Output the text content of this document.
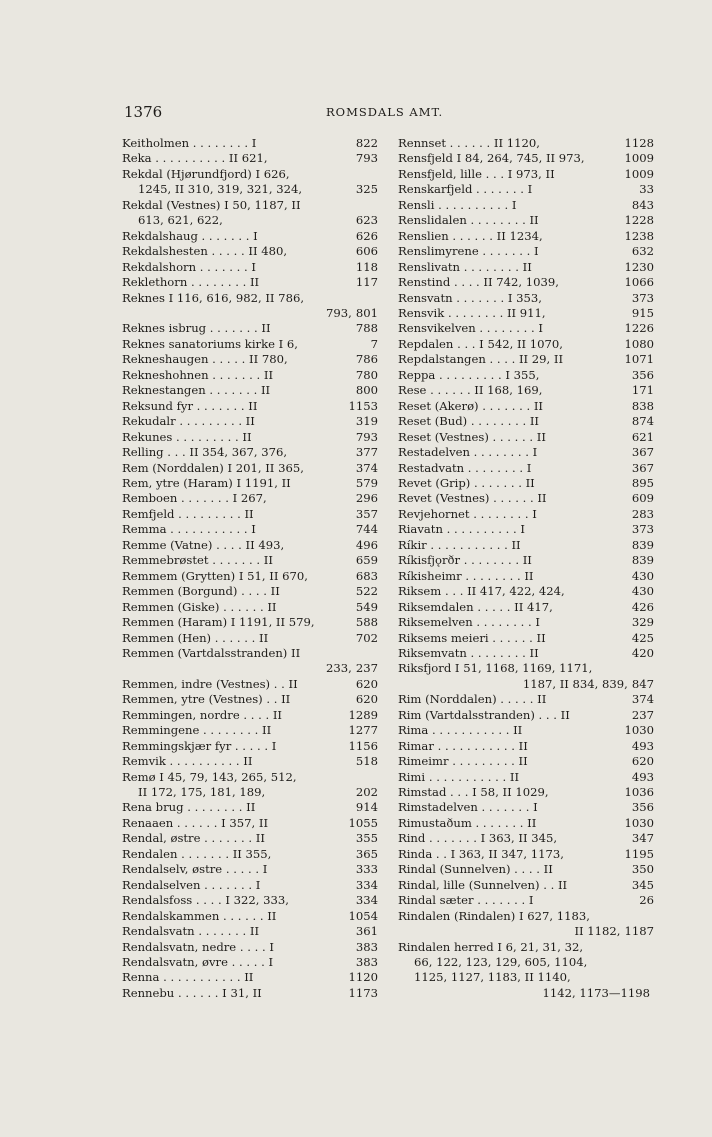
1376	ROMSDALS AMT.
Keitholmen . . . . . . . . I	822
Reka . . . . . . . . . . II 621,	793
Rekdal (Hjørundfjord) I 626,
1245, II 310, 319, 321, 324,	325
Rekdal (Vestnes) I 50, 1187, II
613, 621, 622,	623
Rekdalshaug . . . . . . . I	626
Rekdalshesten . . . . . II 480,	606
Rekdalshorn . . . . . . . I	118
Reklethorn . . . . . . . . II	117
Reknes I 116, 616, 982, II 786,
793, 801
Reknes isbrug . . . . . . . II	788
Reknes sanatoriums kirke I 6,	7
Rekneshaugen . . . . . II 780,	786
Rekneshohnen . . . . . . . II	780
Reknestangen . . . . . . . II	800
Reksund fyr . . . . . . . II	1153
Rekudalr . . . . . . . . . II	319
Rekunes . . . . . . . . . II	793
Relling . . . II 354, 367, 376,	377
Rem (Norddalen) I 201, II 365,	374
Rem, ytre (Haram) I 1191, II	579
Remboen . . . . . . . I 267,	296
Remfjeld . . . . . . . . . II	357
Remma . . . . . . . . . . . I	744
Remme (Vatne) . . . . II 493,	496
Remmebrøstet . . . . . . . II	659
Remmem (Grytten) I 51, II 670,	683
Remmen (Borgund) . . . . II	522
Remmen (Giske) . . . . . . II	549
Remmen (Haram) I 1191, II 579,	588
Remmen (Hen) . . . . . . II	702
Remmen (Vartdalsstranden) II
233, 237
Remmen, indre (Vestnes) . . II	620
Remmen, ytre (Vestnes) . . II	620
Remmingen, nordre . . . . II	1289
Remmingene . . . . . . . . II	1277
Remmingskjær fyr . . . . . I	1156
Remvik . . . . . . . . . . II	518
Remø I 45, 79, 143, 265, 512,
II 172, 175, 181, 189,	202
Rena brug . . . . . . . . II	914
Renaaen . . . . . . I 357, II	1055
Rendal, østre . . . . . . . II	355
Rendalen . . . . . . . II 355,	365
Rendalselv, østre . . . . . I	333
Rendalselven . . . . . . . I	334
Rendalsfoss . . . . I 322, 333,	334
Rendalskammen . . . . . . II	1054
Rendalsvatn . . . . . . . II	361
Rendalsvatn, nedre . . . . I	383
Rendalsvatn, øvre . . . . . I	383
Renna . . . . . . . . . . . II	1120
Rennebu . . . . . . I 31, II	1173
Rennset . . . . . . II 1120,	1128
Rensfjeld I 84, 264, 745, II 973,	1009
Rensfjeld, lille . . . I 973, II	1009
Renskarfjeld . . . . . . . I	33
Rensli . . . . . . . . . . I	843
Renslidalen . . . . . . . . II	1228
Renslien . . . . . . II 1234,	1238
Renslimyrene . . . . . . . I	632
Renslivatn . . . . . . . . II	1230
Renstind . . . . II 742, 1039,	1066
Rensvatn . . . . . . . I 353,	373
Rensvik . . . . . . . . II 911,	915
Rensvikelven . . . . . . . . I	1226
Repdalen . . . I 542, II 1070,	1080
Repdalstangen . . . . II 29, II	1071
Reppa . . . . . . . . . I 355,	356
Rese . . . . . . II 168, 169,	171
Reset (Akerø) . . . . . . . II	838
Reset (Bud) . . . . . . . . II	874
Reset (Vestnes) . . . . . . II	621
Restadelven . . . . . . . . I	367
Restadvatn . . . . . . . . I	367
Revet (Grip) . . . . . . . II	895
Revet (Vestnes) . . . . . . II	609
Revjehornet . . . . . . . . I	283
Riavatn . . . . . . . . . . I	373
Ríkir . . . . . . . . . . . II	839
Ríkisfjǫrðr . . . . . . . . II	839
Ríkisheimr . . . . . . . . II	430
Riksem . . . II 417, 422, 424,	430
Riksemdalen . . . . . II 417,	426
Riksemelven . . . . . . . . I	329
Riksems meieri . . . . . . II	425
Riksemvatn . . . . . . . . II	420
Riksfjord I 51, 1168, 1169, 1171,
1187, II 834, 839, 847
Rim (Norddalen) . . . . . II	374
Rim (Vartdalsstranden) . . . II	237
Rima . . . . . . . . . . . II	1030
Rimar . . . . . . . . . . . II	493
Rimeimr . . . . . . . . . II	620
Rimi . . . . . . . . . . . II	493
Rimstad . . . I 58, II 1029,	1036
Rimstadelven . . . . . . . I	356
Rimustaðum . . . . . . . II	1030
Rind . . . . . . . I 363, II 345,	347
Rinda . . I 363, II 347, 1173,	1195
Rindal (Sunnelven) . . . . II	350
Rindal, lille (Sunnelven) . . II	345
Rindal sæter . . . . . . . I	26
Rindalen (Rindalen) I 627, 1183,
II 1182, 1187
Rindalen herred I 6, 21, 31, 32,
66, 122, 123, 129, 605, 1104,
1125, 1127, 1183, II 1140,
1142, 1173—1198
